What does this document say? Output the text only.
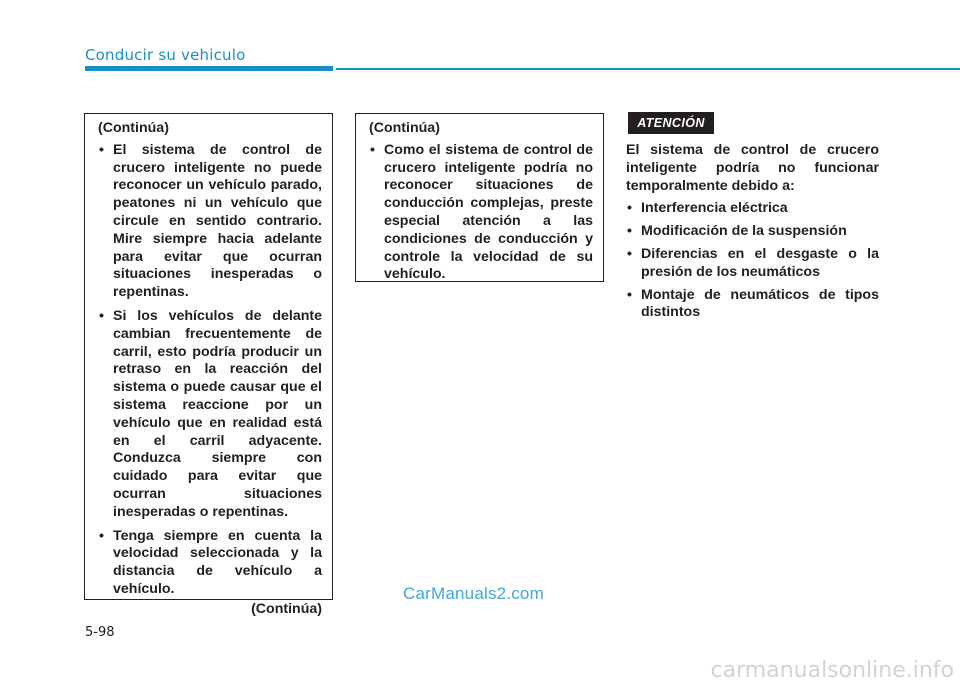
Conducir su vehiculo
(Continúa)
• El sistema de control de crucero inteligente no puede reconocer un vehículo parado, peatones ni un vehículo que circule en sentido contrario. Mire siempre hacia adelante para evitar que ocurran situaciones inesperadas o repentinas.
• Si los vehículos de delante cambian frecuentemente de carril, esto podría producir un retraso en la reacción del sistema o puede causar que el sistema reaccione por un vehículo que en realidad está en el carril adyacente. Conduzca siempre con cuidado para evitar que ocurran situaciones inesperadas o repentinas.
• Tenga siempre en cuenta la velocidad seleccionada y la distancia de vehículo a vehículo.
(Continúa)
(Continúa)
• Como el sistema de control de crucero inteligente podría no reconocer situaciones de conducción complejas, preste especial atención a las condiciones de conducción y controle la velocidad de su vehículo.
ATENCIÓN

El sistema de control de crucero inteligente podría no funcionar temporalmente debido a:

• Interferencia eléctrica
• Modificación de la suspensión
• Diferencias en el desgaste o la presión de los neumáticos
• Montaje de neumáticos de tipos distintos
CarManuals2.com
5-98
carmanualsonline.info
